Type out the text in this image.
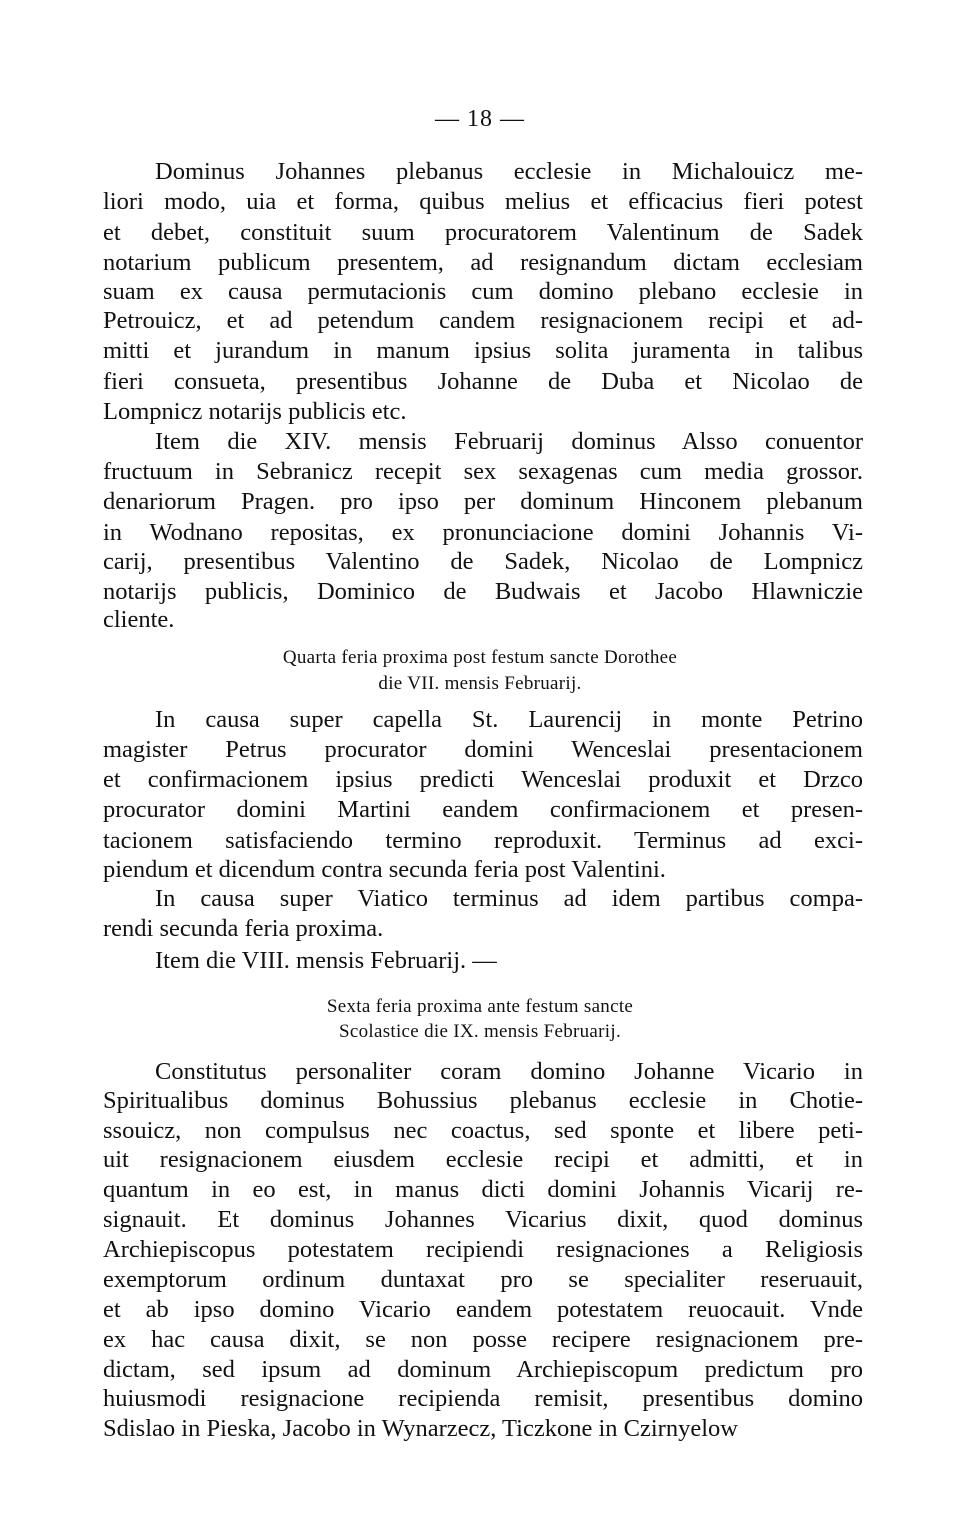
— 18 —
Dominus Johannes plebanus ecclesie in Michalouicz me-
liori modo, uia et forma, quibus melius et efficacius fieri potest
et debet, constituit suum procuratorem Valentinum de Sadek
notarium publicum presentem, ad resignandum dictam ecclesiam
suam ex causa permutacionis cum domino plebano ecclesie in
Petrouicz, et ad petendum candem resignacionem recipi et ad-
mitti et jurandum in manum ipsius solita juramenta in talibus
fieri consueta, presentibus Johanne de Duba et Nicolao de
Lompnicz notarijs publicis etc.
Item die XIV. mensis Februarij dominus Alsso conuentor
fructuum in Sebranicz recepit sex sexagenas cum media grossor.
denariorum Pragen. pro ipso per dominum Hinconem plebanum
in Wodnano repositas, ex pronunciacione domini Johannis Vi-
carij, presentibus Valentino de Sadek, Nicolao de Lompnicz
notarijs publicis, Dominico de Budwais et Jacobo Hlawniczie
cliente.
Quarta feria proxima post festum sancte Dorothee
die VII. mensis Februarij.
In causa super capella St. Laurencij in monte Petrino
magister Petrus procurator domini Wenceslai presentacionem
et confirmacionem ipsius predicti Wenceslai produxit et Drzco
procurator domini Martini eandem confirmacionem et presen-
tacionem satisfaciendo termino reproduxit. Terminus ad exci-
piendum et dicendum contra secunda feria post Valentini.
In causa super Viatico terminus ad idem partibus compa-
rendi secunda feria proxima.
Item die VIII. mensis Februarij. —
Sexta feria proxima ante festum sancte
Scolastice die IX. mensis Februarij.
Constitutus personaliter coram domino Johanne Vicario in
Spiritualibus dominus Bohussius plebanus ecclesie in Chotie-
ssouicz, non compulsus nec coactus, sed sponte et libere peti-
uit resignacionem eiusdem ecclesie recipi et admitti, et in
quantum in eo est, in manus dicti domini Johannis Vicarij re-
signauit. Et dominus Johannes Vicarius dixit, quod dominus
Archiepiscopus potestatem recipiendi resignaciones a Religiosis
exemptorum ordinum duntaxat pro se specialiter reseruauit,
et ab ipso domino Vicario eandem potestatem reuocauit. Vnde
ex hac causa dixit, se non posse recipere resignacionem pre-
dictam, sed ipsum ad dominum Archiepiscopum predictum pro
huiusmodi resignacione recipienda remisit, presentibus domino
Sdislao in Pieska, Jacobo in Wynarzecz, Ticzkone in Czirnyelow
